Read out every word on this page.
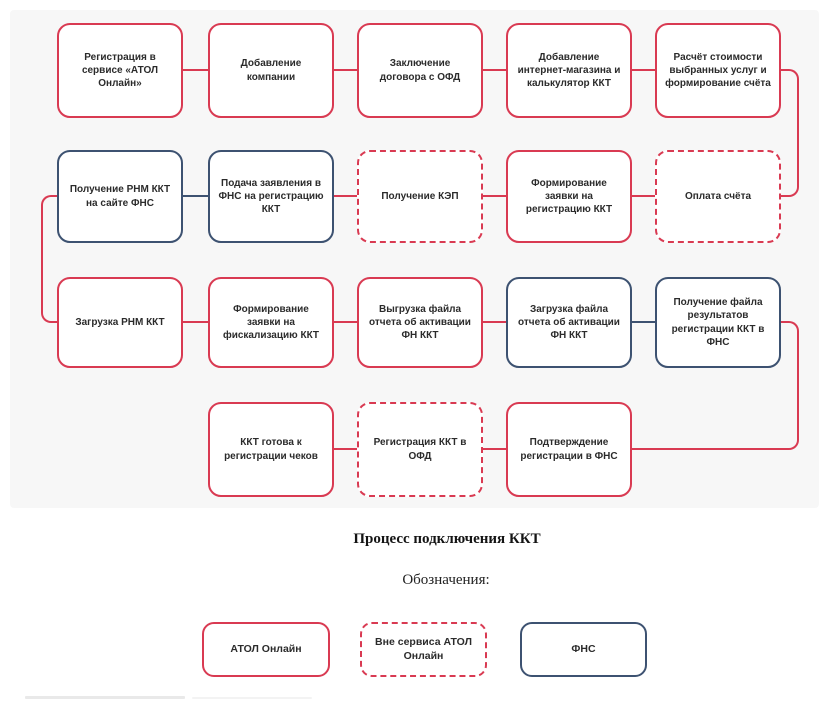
Регистрация в сервисе «АТОЛ Онлайн»
Добавление компании
Заключение договора с ОФД
Добавление интернет-магазина и калькулятор ККТ
Расчёт стоимости выбранных услуг и формирование счёта
Получение РНМ ККТ на сайте ФНС
Подача заявления в ФНС на регистрацию ККТ
Получение КЭП
Формирование заявки на регистрацию ККТ
Оплата счёта
Загрузка РНМ ККТ
Формирование заявки на фискализацию ККТ
Выгрузка файла отчета об активации ФН ККТ
Загрузка файла отчета об активации ФН ККТ
Получение файла результатов регистрации ККТ в ФНС
ККТ готова к регистрации чеков
Регистрация ККТ в ОФД
Подтверждение регистрации в ФНС
Процесс подключения ККТ
Обозначения:
АТОЛ Онлайн
Вне сервиса АТОЛ Онлайн
ФНС
